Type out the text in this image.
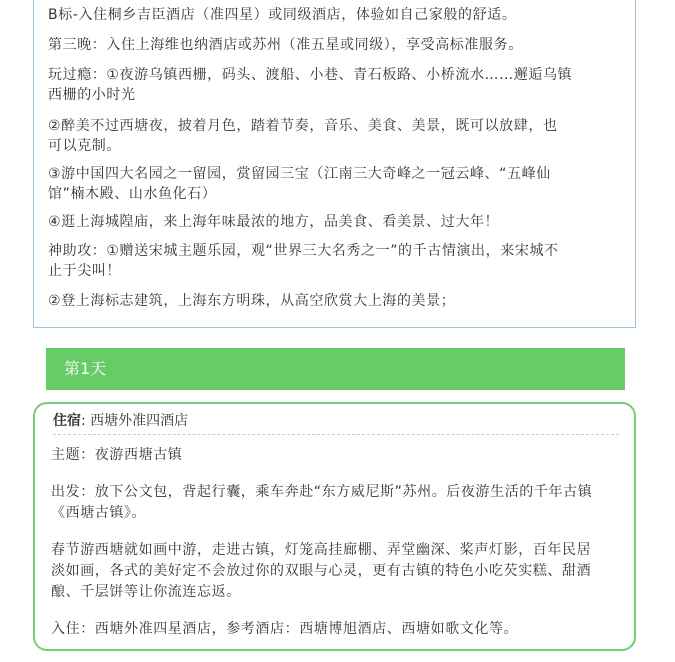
B标-入住桐乡吉臣酒店（准四星）或同级酒店，体验如自己家般的舒适。

第三晚：入住上海维也纳酒店或苏州（准五星或同级），享受高标准服务。

玩过瘾：①夜游乌镇西栅，码头、渡船、小巷、青石板路、小桥流水……邂逅乌镇

西栅的小时光

②醉美不过西塘夜，披着月色，踏着节奏，音乐、美食、美景，既可以放肆，也

可以克制。

③游中国四大名园之一留园，赏留园三宝（江南三大奇峰之一冠云峰、“五峰仙

馆”楠木殿、山水鱼化石）

④逛上海城隍庙，来上海年味最浓的地方，品美食、看美景、过大年！

神助攻：①赠送宋城主题乐园，观“世界三大名秀之一”的千古情演出，来宋城不

止于尖叫！

②登上海标志建筑，上海东方明珠，从高空欣赏大上海的美景；

第1天
住宿: 西塘外准四酒店

主题：夜游西塘古镇

出发：放下公文包，背起行囊，乘车奔赴“东方威尼斯”苏州。后夜游生活的千年古镇

《西塘古镇》。

春节游西塘就如画中游，走进古镇，灯笼高挂廊棚、弄堂幽深、桨声灯影，百年民居

淡如画，各式的美好定不会放过你的双眼与心灵，更有古镇的特色小吃芡实糕、甜酒

酿、千层饼等让你流连忘返。

入住：西塘外准四星酒店，参考酒店：西塘博旭酒店、西塘如歌文化等。
